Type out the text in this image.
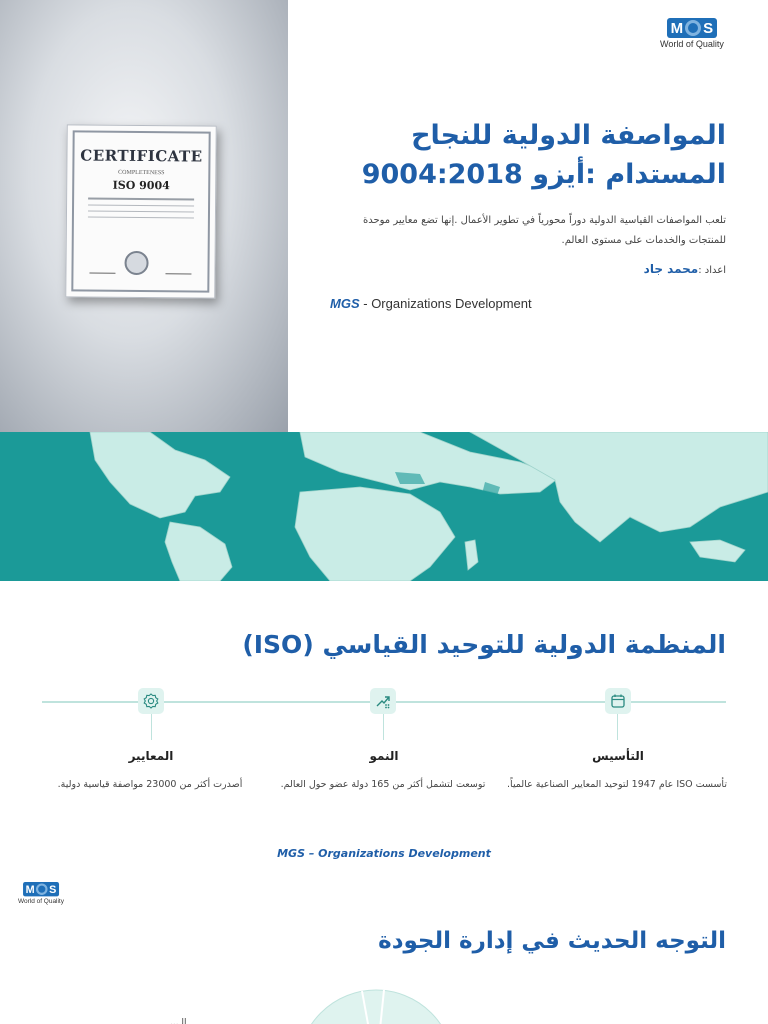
CERTIFICATE
COMPLETENESS
ISO 9004
M S
World of Quality
المواصفة الدولية للنجاح المستدام :أيزو 9004:2018

تلعب المواصفات القياسية الدولية دوراً محورياً في تطوير الأعمال .إنها تضع معايير موحدة للمنتجات والخدمات على مستوى العالم.

اعداد :محمد جاد
MGS - Organizations Development
المنظمة الدولية للتوحيد القياسي (ISO)
التأسيس
تأسست ISO عام 1947 لتوحيد المعايير الصناعية عالمياً.
النمو
توسعت لتشمل أكثر من 165 دولة عضو حول العالم.
المعايير
أصدرت أكثر من 23000 مواصفة قياسية دولية.
MGS – Organizations Development
M S
World of Quality
التوجه الحديث في إدارة الجودة
الـ...
